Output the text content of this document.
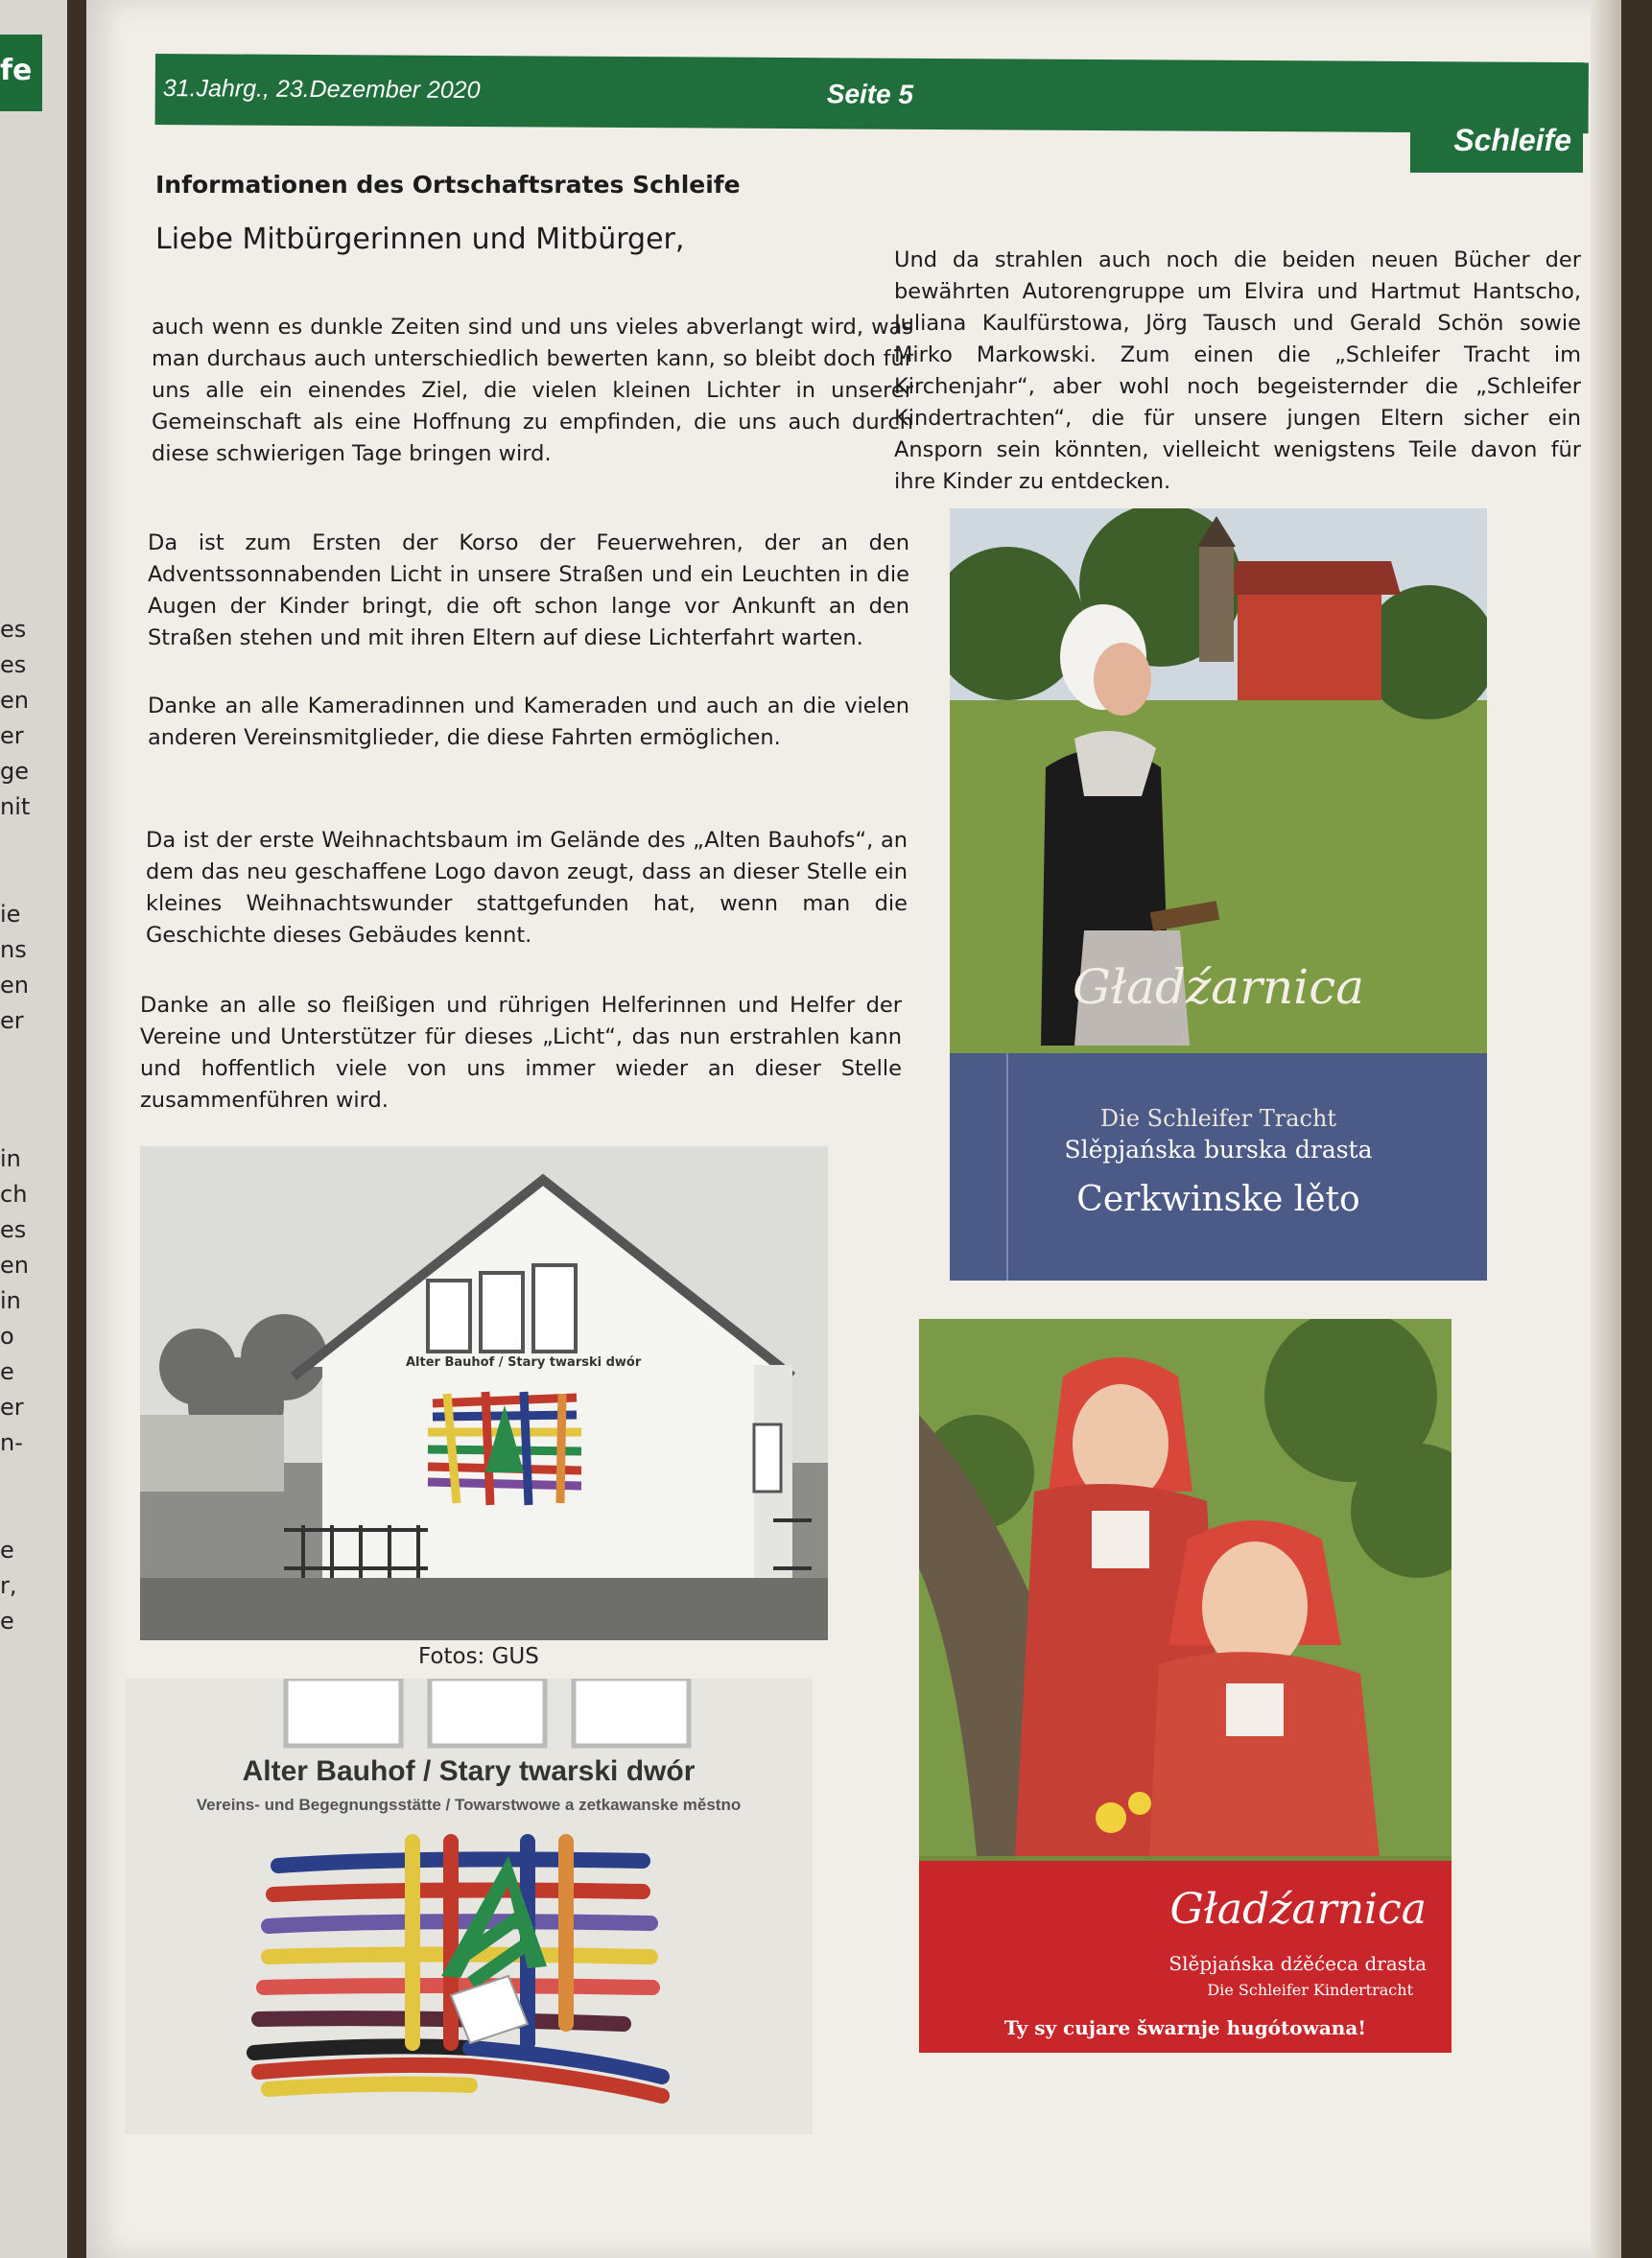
fe
es
es
en
er
ge
nit
ie
ns
en
er
in
ch
es
en
in
o
e
er
n-
e
r,
e
31.Jahrg., 23.Dezember 2020	Seite 5
Schleife
Informationen des Ortschaftsrates Schleife
Liebe Mitbürgerinnen und Mitbürger,

auch wenn es dunkle Zeiten sind und uns vieles abverlangt wird, was man durchaus auch unterschiedlich bewerten kann, so bleibt doch für uns alle ein einendes Ziel, die vielen kleinen Lichter in unserer Gemeinschaft als eine Hoffnung zu empfinden, die uns auch durch diese schwierigen Tage bringen wird.

Da ist zum Ersten der Korso der Feuerwehren, der an den Adventssonnabenden Licht in unsere Straßen und ein Leuchten in die Augen der Kinder bringt, die oft schon lange vor Ankunft an den Straßen stehen und mit ihren Eltern auf diese Lichterfahrt warten.

Danke an alle Kameradinnen und Kameraden und auch an die vielen anderen Vereinsmitglieder, die diese Fahrten ermöglichen.

Da ist der erste Weihnachtsbaum im Gelände des „Alten Bauhofs“, an dem das neu geschaffene Logo davon zeugt, dass an dieser Stelle ein kleines Weihnachtswunder stattgefunden hat, wenn man die Geschichte dieses Gebäudes kennt.

Danke an alle so fleißigen und rührigen Helferinnen und Helfer der Vereine und Unterstützer für dieses „Licht“, das nun erstrahlen kann und hoffentlich viele von uns immer wieder an dieser Stelle zusammenführen wird.

Und da strahlen auch noch die beiden neuen Bücher der bewährten Autorengruppe um Elvira und Hartmut Hantscho, Juliana Kaulfürstowa, Jörg Tausch und Gerald Schön sowie Mirko Markowski. Zum einen die „Schleifer Tracht im Kirchenjahr“, aber wohl noch begeisternder die „Schleifer Kindertrachten“, die für unsere jungen Eltern sicher ein Ansporn sein könnten, vielleicht wenigstens Teile davon für ihre Kinder zu entdecken.

Alter Bauhof / Stary twarski dwór
Fotos: GUS
Alter Bauhof / Stary twarski dwór
Vereins- und Begegnungsstätte / Towarstwowe a zetkawanske městno
Gładźarnica
Die Schleifer Tracht
Slěpjańska burska drasta
Cerkwinske lěto
Gładźarnica
Slěpjańska dźěćeca drasta
Die Schleifer Kindertracht
Ty sy cujare šwarnje hugótowana!
